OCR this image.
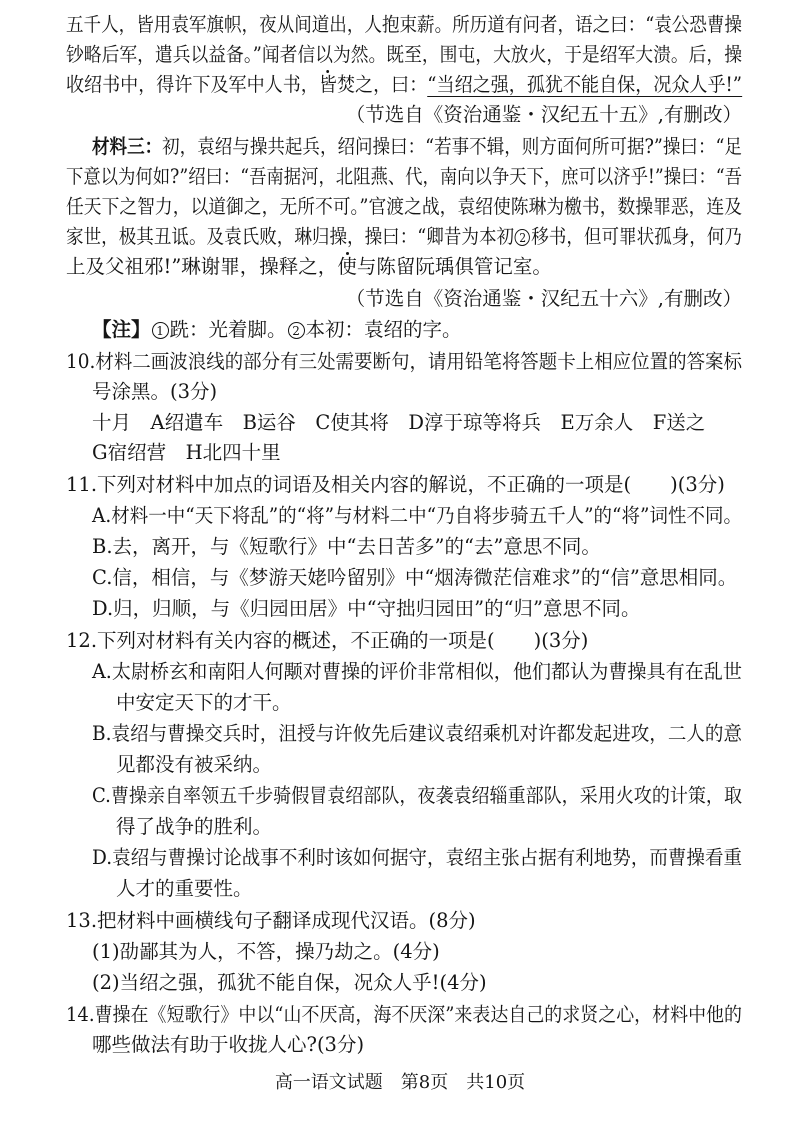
五千人，皆用袁军旗帜，夜从间道出，人抱束薪。所历道有问者，语之曰：“袁公恐曹操
钞略后军，遣兵以益备。”闻者信以为然。既至，围屯，大放火，于是绍军大溃。后，操
收绍书中，得许下及军中人书，皆焚之，曰：“当绍之强，孤犹不能自保，况众人乎!”
（节选自《资治通鉴・汉纪五十五》,有删改）
材料三：初，袁绍与操共起兵，绍问操曰：“若事不辑，则方面何所可据?”操曰：“足
下意以为何如?”绍曰：“吾南据河，北阻燕、代，南向以争天下，庶可以济乎!”操曰：“吾
任天下之智力，以道御之，无所不可。”官渡之战，袁绍使陈琳为檄书，数操罪恶，连及
家世，极其丑诋。及袁氏败，琳归操，操曰：“卿昔为本初 2 移书，但可罪状孤身，何乃
上及父祖邪!”琳谢罪，操释之，使与陈留阮瑀俱管记室。
（节选自《资治通鉴・汉纪五十六》,有删改）
【注】 1 跣：光着脚。 2 本初：袁绍的字。
10.材料二画波浪线的部分有三处需要断句，请用铅笔将答题卡上相应位置的答案标
号涂黑。(3分)
十月　A绍遣车　B运谷　C使其将　D淳于琼等将兵　E万余人　F送之
G宿绍营　H北四十里
11.下列对材料中加点的词语及相关内容的解说，不正确的一项是(　　)(3分)
A.材料一中“天下将乱”的“将”与材料二中“乃自将步骑五千人”的“将”词性不同。
B.去，离开，与《短歌行》中“去日苦多”的“去”意思不同。
C.信，相信，与《梦游天姥吟留别》中“烟涛微茫信难求”的“信”意思相同。
D.归，归顺，与《归园田居》中“守拙归园田”的“归”意思不同。
12.下列对材料有关内容的概述，不正确的一项是(　　)(3分)
A.太尉桥玄和南阳人何颙对曹操的评价非常相似，他们都认为曹操具有在乱世
中安定天下的才干。
B.袁绍与曹操交兵时，沮授与许攸先后建议袁绍乘机对许都发起进攻，二人的意
见都没有被采纳。
C.曹操亲自率领五千步骑假冒袁绍部队，夜袭袁绍辎重部队，采用火攻的计策，取
得了战争的胜利。
D.袁绍与曹操讨论战事不利时该如何据守，袁绍主张占据有利地势，而曹操看重
人才的重要性。
13.把材料中画横线句子翻译成现代汉语。(8分)
(1)劭鄙其为人，不答，操乃劫之。(4分)
(2)当绍之强，孤犹不能自保，况众人乎!(4分)
14.曹操在《短歌行》中以“山不厌高，海不厌深”来表达自己的求贤之心，材料中他的
哪些做法有助于收拢人心?(3分)
高一语文试题　第8页　共10页
